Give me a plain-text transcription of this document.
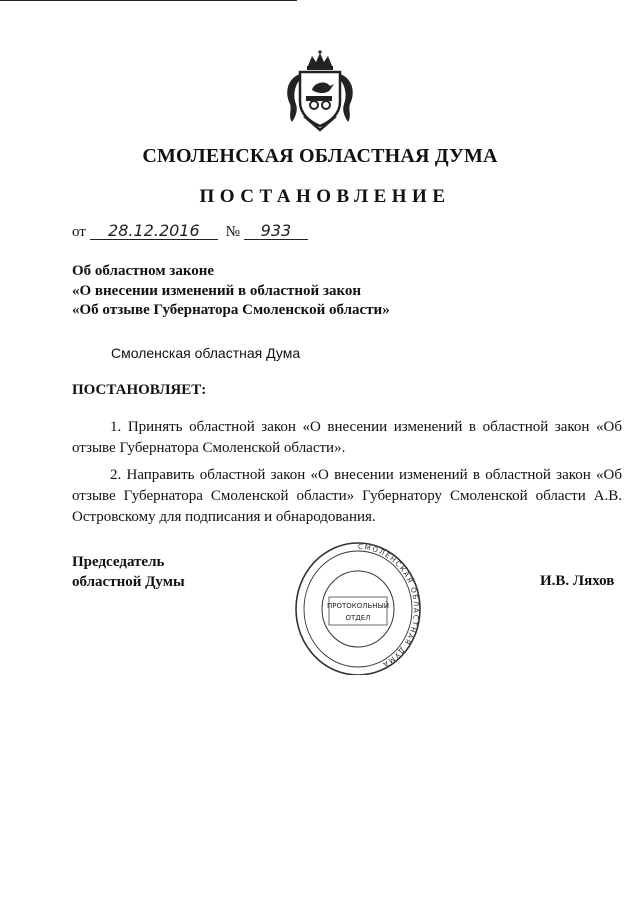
СМОЛЕНСКАЯ ОБЛАСТНАЯ ДУМА
ПОСТАНОВЛЕНИЕ
от 28.12.2016 № 933
Об областном законе
«О внесении изменений в областной закон
«Об отзыве Губернатора Смоленской области»
Смоленская областная Дума
ПОСТАНОВЛЯЕТ:
1. Принять областной закон «О внесении изменений в областной закон «Об отзыве Губернатора Смоленской области».
2. Направить областной закон «О внесении изменений в областной закон «Об отзыве Губернатора Смоленской области» Губернатору Смоленской области А.В. Островскому для подписания и обнародования.
Председатель
областной Думы
СМОЛЕНСКАЯ ОБЛАСТНАЯ ДУМА
ПРОТОКОЛЬНЫЙ
ОТДЕЛ
И.В. Ляхов
